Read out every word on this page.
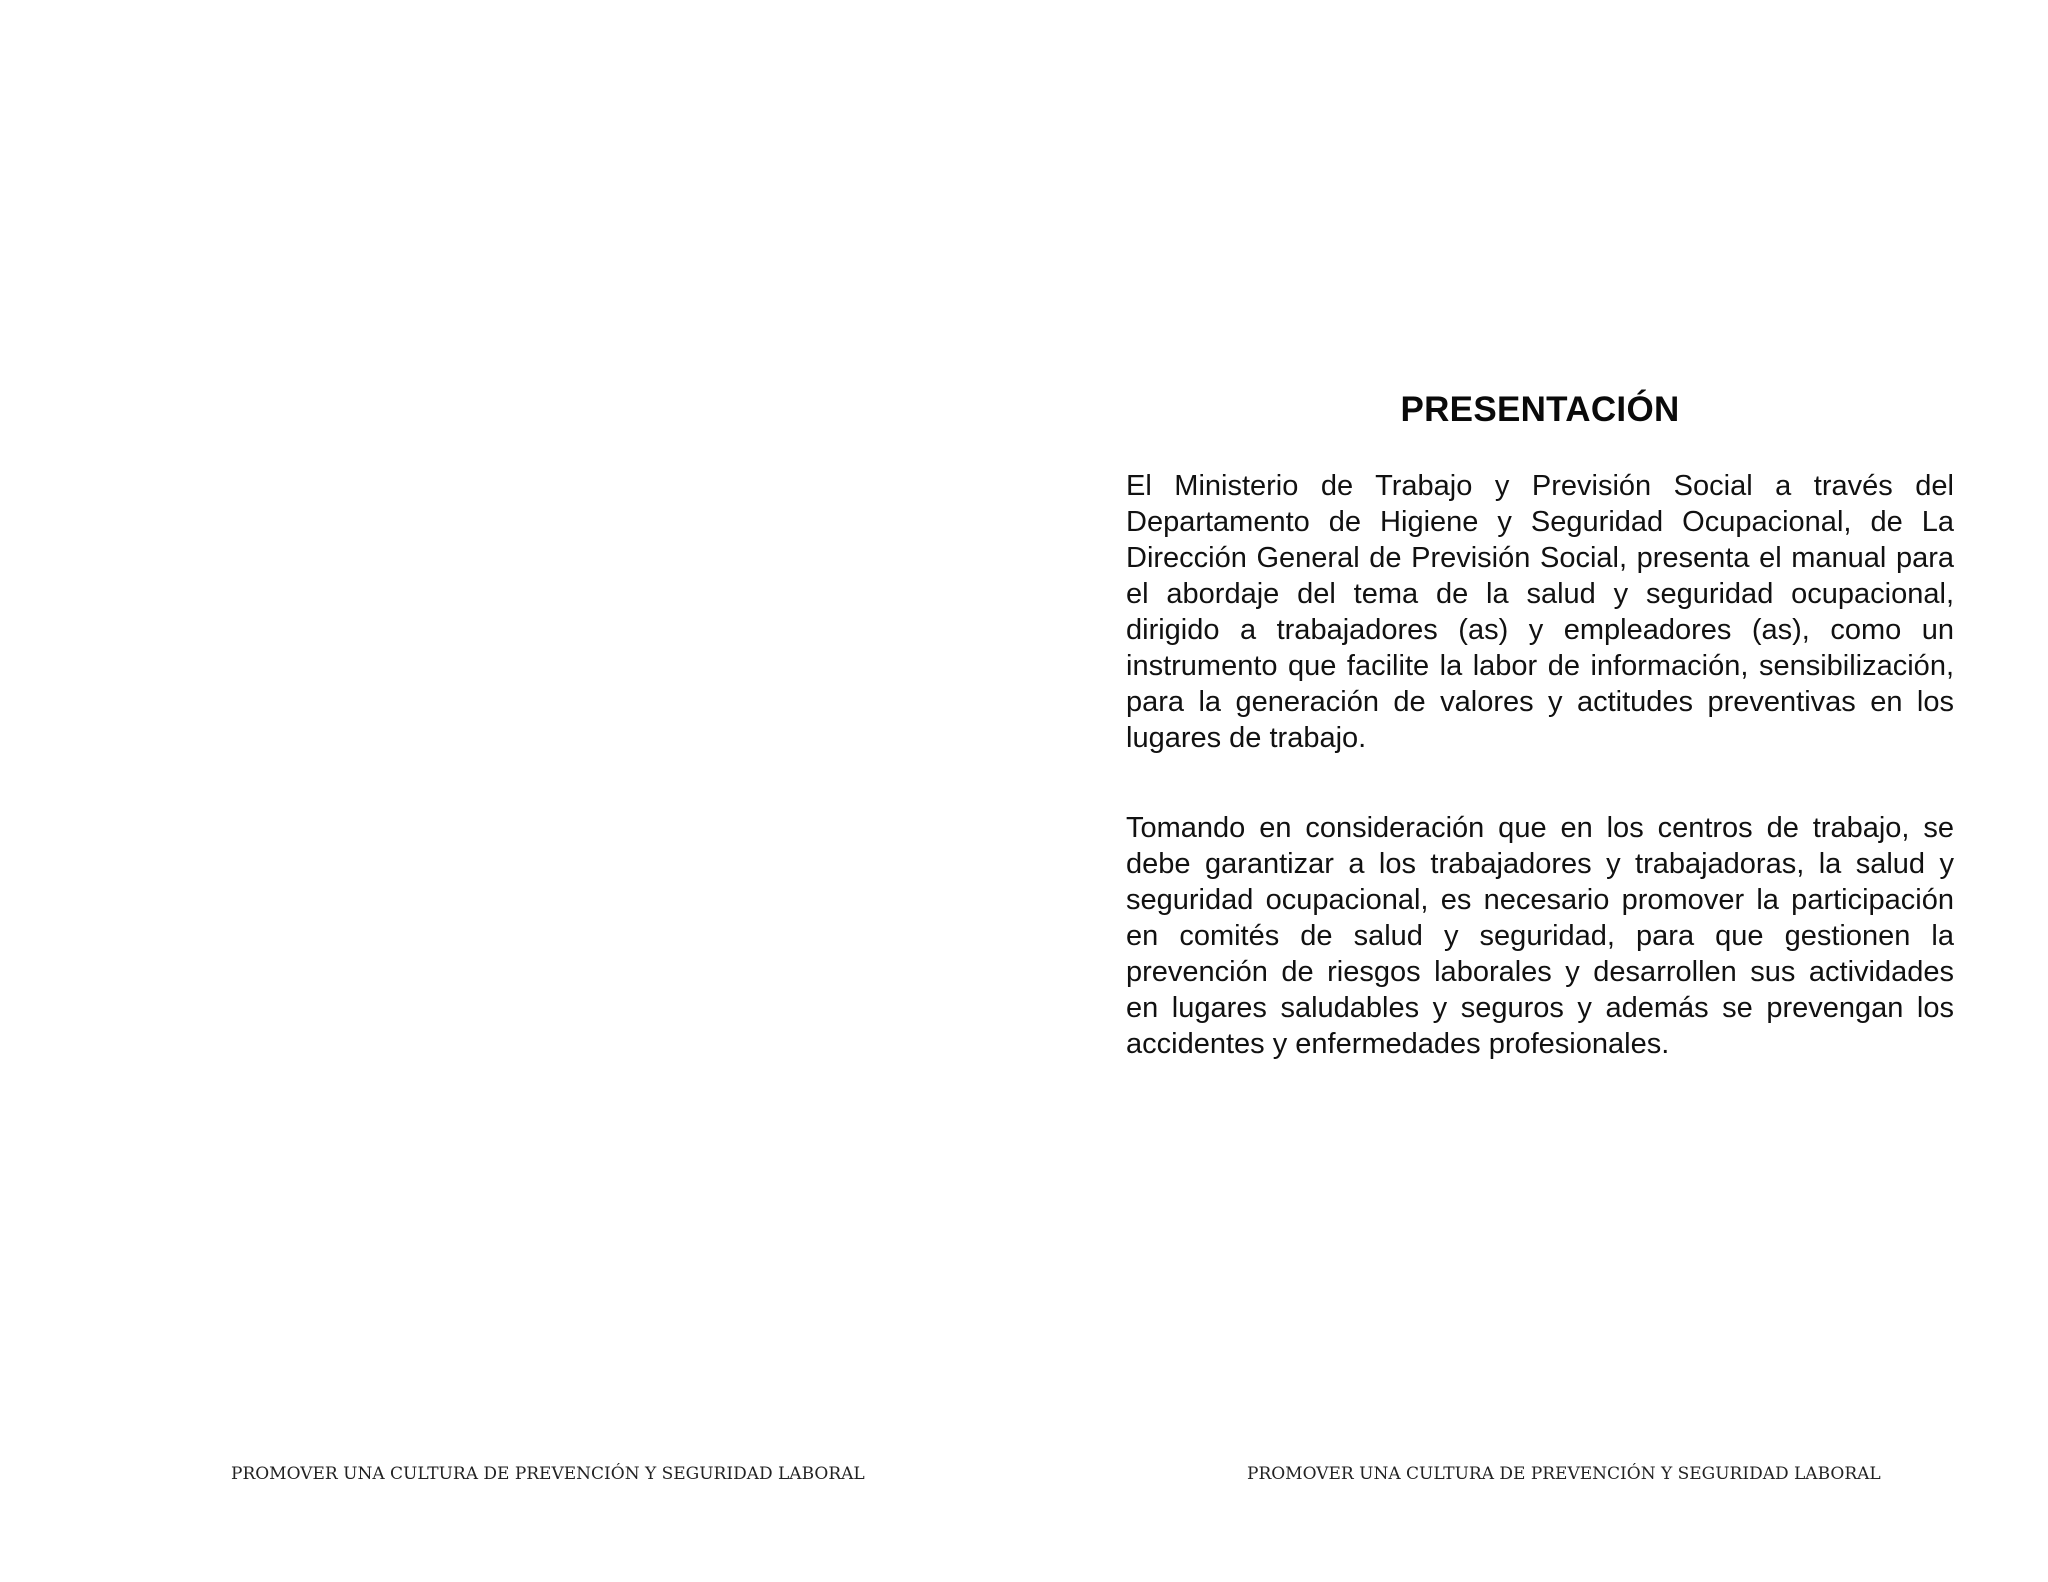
PRESENTACIÓN

El Ministerio de Trabajo y Previsión Social a través del Departamento de Higiene y Seguridad Ocupacional, de La Dirección General de Previsión Social, presenta el manual para el abordaje del tema de la salud y seguridad ocupacional, dirigido a trabajadores (as) y empleadores (as), como un instrumento que facilite la labor de información, sensibilización, para la generación de valores y actitudes preventivas en los lugares de trabajo.

Tomando en consideración que en los centros de trabajo, se debe garantizar a los trabajadores y trabajadoras, la salud y seguridad ocupacional, es necesario promover la participación en comités de salud y seguridad, para que gestionen la prevención de riesgos laborales y desarrollen sus actividades en lugares saludables y seguros y además se prevengan los accidentes y enfermedades profesionales.

PROMOVER UNA CULTURA DE PREVENCIÓN Y SEGURIDAD LABORAL	PROMOVER UNA CULTURA DE PREVENCIÓN Y SEGURIDAD LABORAL
